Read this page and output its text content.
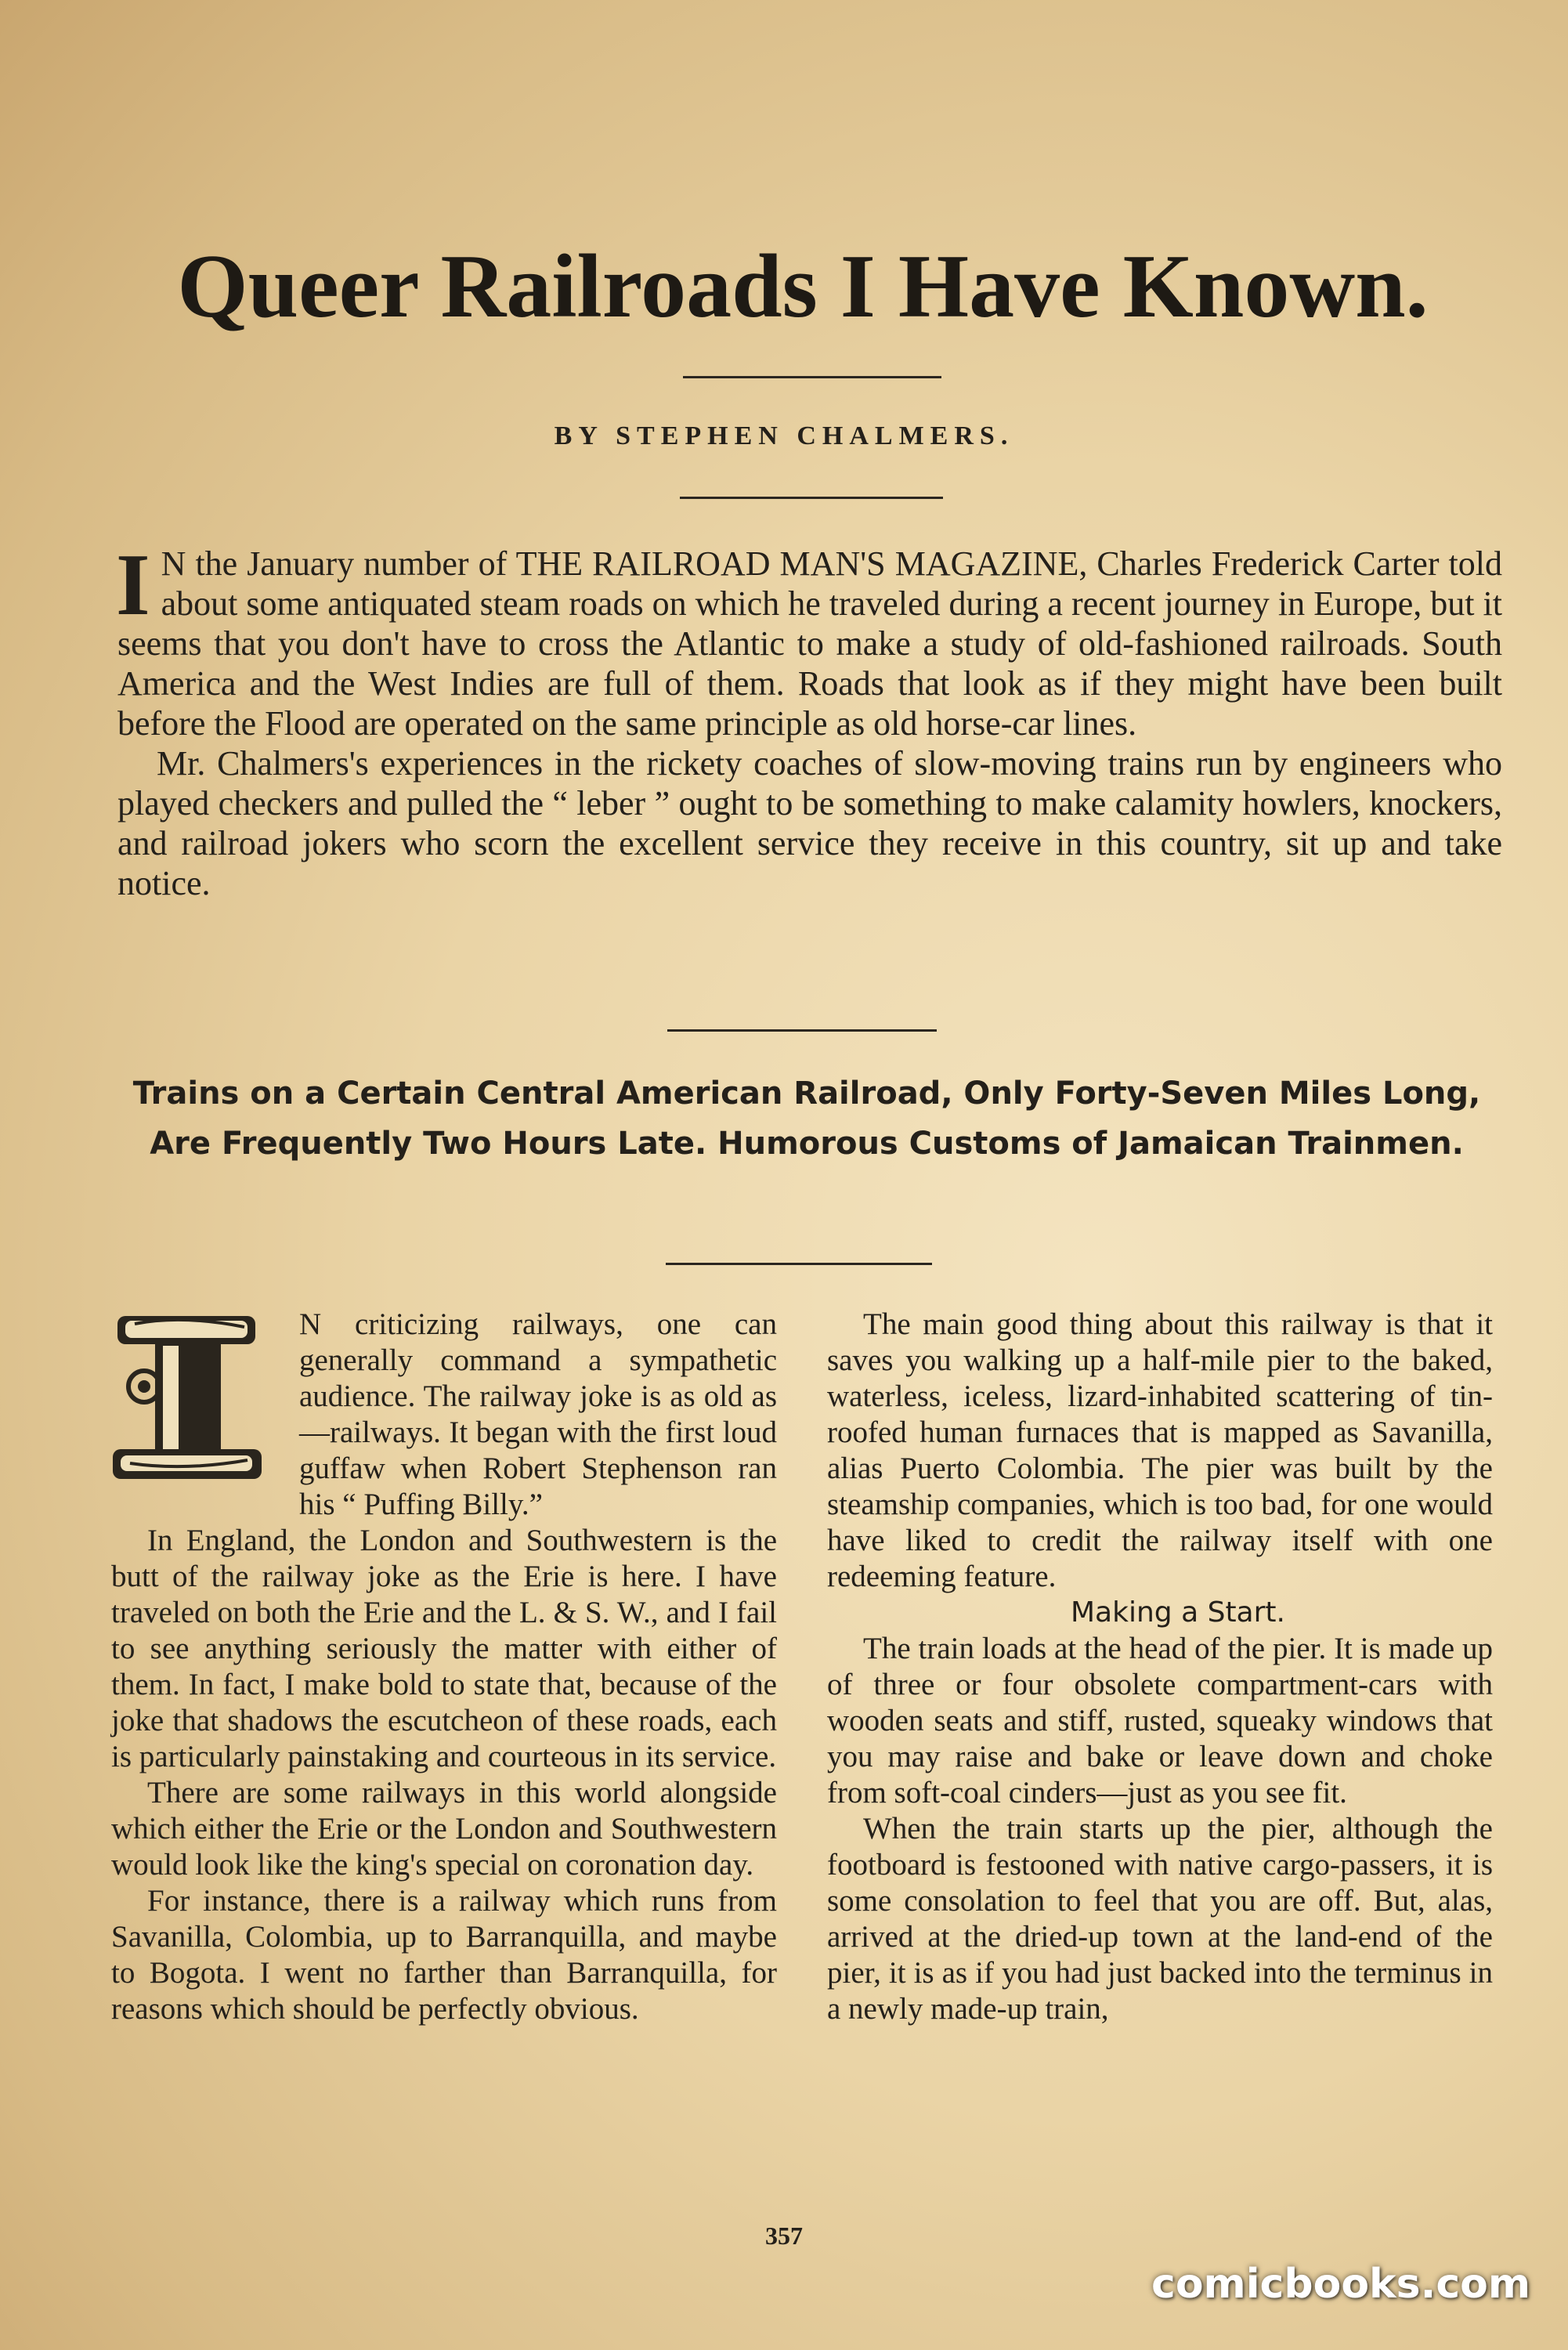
Queer Railroads I Have Known.
BY STEPHEN CHALMERS.

I N the January number of THE RAILROAD MAN'S MAGAZINE, Charles Frederick Carter told about some antiquated steam roads on which he traveled during a recent journey in Europe, but it seems that you don't have to cross the Atlantic to make a study of old-fashioned railroads. South America and the West Indies are full of them. Roads that look as if they might have been built before the Flood are operated on the same principle as old horse-car lines.

Mr. Chalmers's experiences in the rickety coaches of slow-moving trains run by engineers who played checkers and pulled the “ leber ” ought to be something to make calamity howlers, knockers, and railroad jokers who scorn the excellent service they receive in this country, sit up and take notice.

Trains on a Certain Central American Railroad, Only Forty-Seven Miles Long, Are Frequently Two Hours Late. Humorous Customs of Jamaican Trainmen.

N criticizing railways, one can generally command a sympathetic audience. The railway joke is as old as—railways. It began with the first loud guffaw when Robert Stephenson ran his “ Puffing Billy.”

In England, the London and Southwestern is the butt of the railway joke as the Erie is here. I have traveled on both the Erie and the L. & S. W., and I fail to see anything seriously the matter with either of them. In fact, I make bold to state that, because of the joke that shadows the escutcheon of these roads, each is particularly painstaking and courteous in its service.

There are some railways in this world alongside which either the Erie or the London and Southwestern would look like the king's special on coronation day.

For instance, there is a railway which runs from Savanilla, Colombia, up to Barranquilla, and maybe to Bogota. I went no farther than Barranquilla, for reasons which should be perfectly obvious.

The main good thing about this railway is that it saves you walking up a half-mile pier to the baked, waterless, iceless, lizard-inhabited scattering of tin-roofed human furnaces that is mapped as Savanilla, alias Puerto Colombia. The pier was built by the steamship companies, which is too bad, for one would have liked to credit the railway itself with one redeeming feature.

Making a Start.

The train loads at the head of the pier. It is made up of three or four obsolete compartment-cars with wooden seats and stiff, rusted, squeaky windows that you may raise and bake or leave down and choke from soft-coal cinders—just as you see fit.

When the train starts up the pier, although the footboard is festooned with native cargo-passers, it is some consolation to feel that you are off. But, alas, arrived at the dried-up town at the land-end of the pier, it is as if you had just backed into the terminus in a newly made-up train,

357
comicbooks.com
